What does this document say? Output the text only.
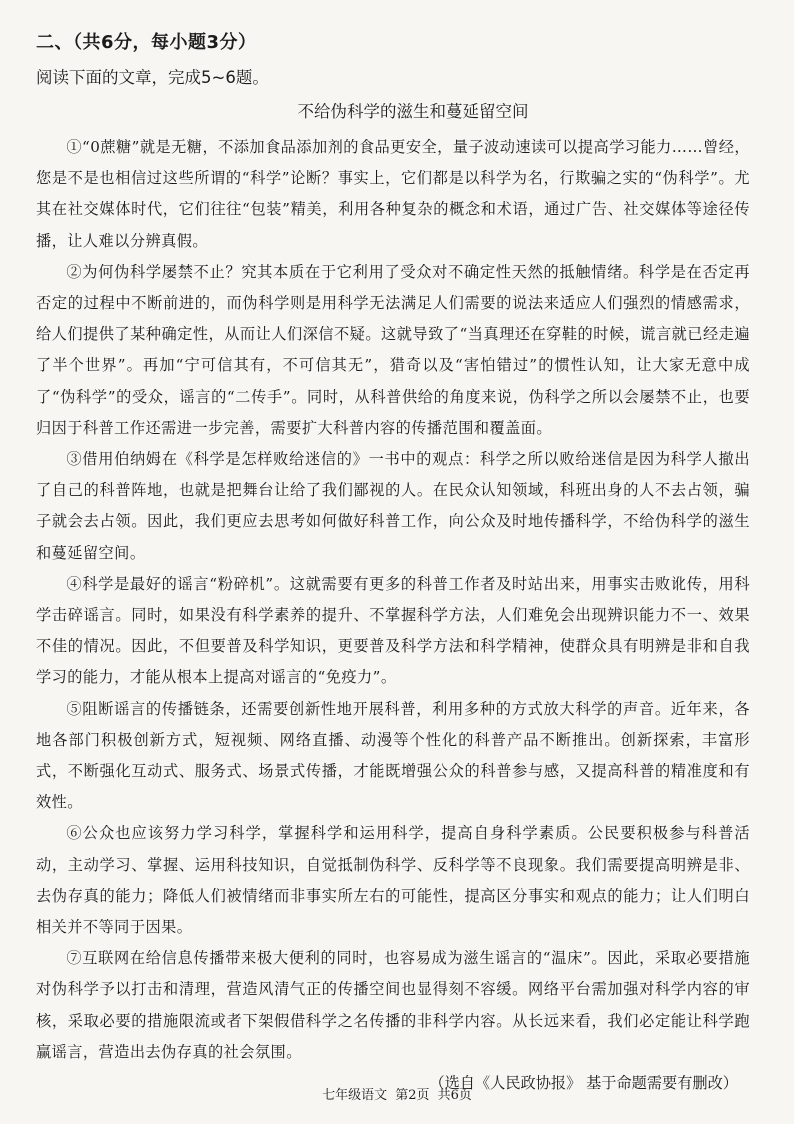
二、（共6分，每小题3分）
阅读下面的文章，完成5~6题。
不给伪科学的滋生和蔓延留空间

①“0蔗糖”就是无糖，不添加食品添加剂的食品更安全，量子波动速读可以提高学习能力……曾经，您是不是也相信过这些所谓的“科学”论断？事实上，它们都是以科学为名，行欺骗之实的“伪科学”。尤其在社交媒体时代，它们往往“包装”精美，利用各种复杂的概念和术语，通过广告、社交媒体等途径传播，让人难以分辨真假。

②为何伪科学屡禁不止？究其本质在于它利用了受众对不确定性天然的抵触情绪。科学是在否定再否定的过程中不断前进的，而伪科学则是用科学无法满足人们需要的说法来适应人们强烈的情感需求，给人们提供了某种确定性，从而让人们深信不疑。这就导致了“当真理还在穿鞋的时候，谎言就已经走遍了半个世界”。再加“宁可信其有，不可信其无”，猎奇以及“害怕错过”的惯性认知，让大家无意中成了“伪科学”的受众，谣言的“二传手”。同时，从科普供给的角度来说，伪科学之所以会屡禁不止，也要归因于科普工作还需进一步完善，需要扩大科普内容的传播范围和覆盖面。

③借用伯纳姆在《科学是怎样败给迷信的》一书中的观点：科学之所以败给迷信是因为科学人撤出了自己的科普阵地，也就是把舞台让给了我们鄙视的人。在民众认知领域，科班出身的人不去占领，骗子就会去占领。因此，我们更应去思考如何做好科普工作，向公众及时地传播科学，不给伪科学的滋生和蔓延留空间。

④科学是最好的谣言“粉碎机”。这就需要有更多的科普工作者及时站出来，用事实击败讹传，用科学击碎谣言。同时，如果没有科学素养的提升、不掌握科学方法，人们难免会出现辨识能力不一、效果不佳的情况。因此，不但要普及科学知识，更要普及科学方法和科学精神，使群众具有明辨是非和自我学习的能力，才能从根本上提高对谣言的“免疫力”。

⑤阻断谣言的传播链条，还需要创新性地开展科普，利用多种的方式放大科学的声音。近年来，各地各部门积极创新方式，短视频、网络直播、动漫等个性化的科普产品不断推出。创新探索，丰富形式，不断强化互动式、服务式、场景式传播，才能既增强公众的科普参与感，又提高科普的精准度和有效性。

⑥公众也应该努力学习科学，掌握科学和运用科学，提高自身科学素质。公民要积极参与科普活动，主动学习、掌握、运用科技知识，自觉抵制伪科学、反科学等不良现象。我们需要提高明辨是非、去伪存真的能力；降低人们被情绪而非事实所左右的可能性，提高区分事实和观点的能力；让人们明白相关并不等同于因果。

⑦互联网在给信息传播带来极大便利的同时，也容易成为滋生谣言的“温床”。因此，采取必要措施对伪科学予以打击和清理，营造风清气正的传播空间也显得刻不容缓。网络平台需加强对科学内容的审核，采取必要的措施限流或者下架假借科学之名传播的非科学内容。从长远来看，我们必定能让科学跑赢谣言，营造出去伪存真的社会氛围。

（选自《人民政协报》 基于命题需要有删改）
七年级语文 第2页 共6页
